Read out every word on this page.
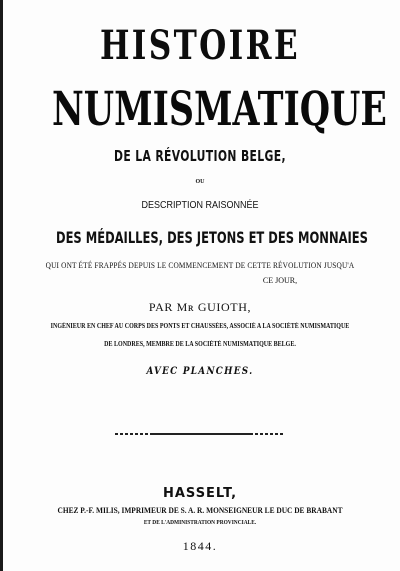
HISTOIRE
NUMISMATIQUE
DE LA RÉVOLUTION BELGE,
OU
DESCRIPTION RAISONNÉE
DES MÉDAILLES, DES JETONS ET DES MONNAIES
QUI ONT ÉTÉ FRAPPÉS DEPUIS LE COMMENCEMENT DE CETTE RÉVOLUTION JUSQU'A
CE JOUR,
PAR Mʀ GUIOTH,
INGÉNIEUR EN CHEF AU CORPS DES PONTS ET CHAUSSÉES, ASSOCIÉ A LA SOCIÉTÉ NUMISMATIQUE
DE LONDRES, MEMBRE DE LA SOCIÉTÉ NUMISMATIQUE BELGE.
AVEC PLANCHES.
HASSELT,
CHEZ P.-F. MILIS, IMPRIMEUR DE S. A. R. MONSEIGNEUR LE DUC DE BRABANT
ET DE L'ADMINISTRATION PROVINCIALE.
1844.
